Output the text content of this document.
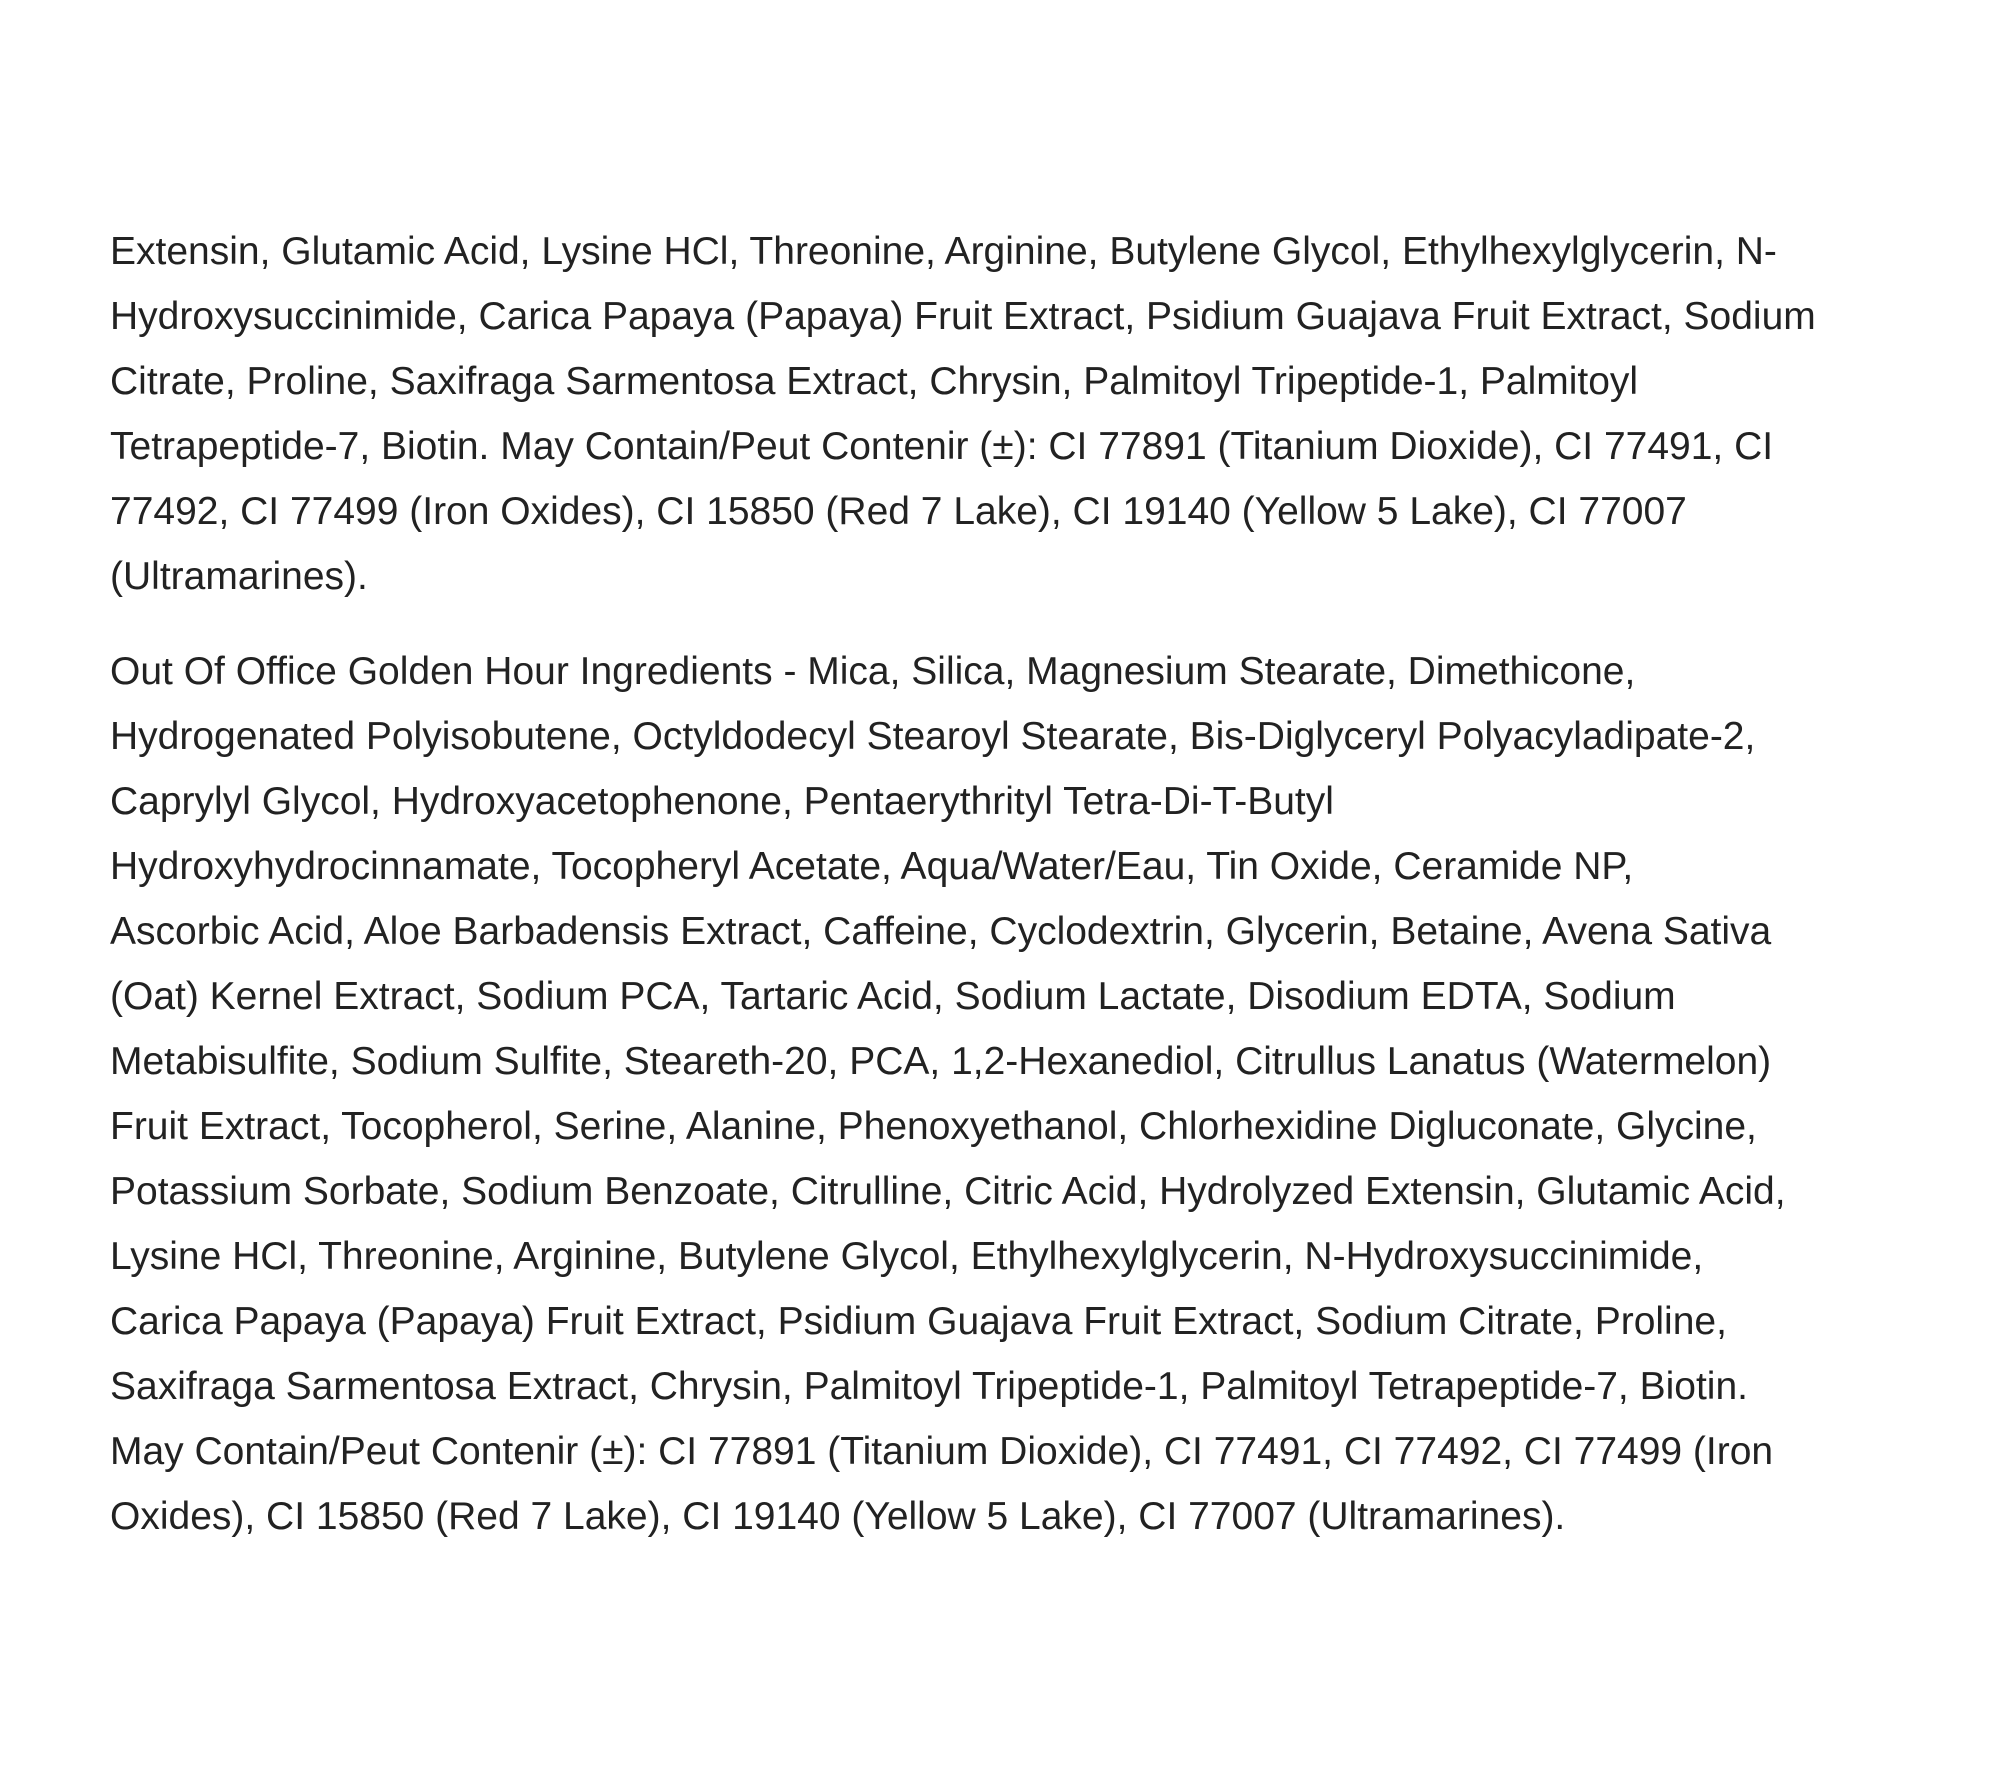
Extensin, Glutamic Acid, Lysine HCl, Threonine, Arginine, Butylene Glycol, Ethylhexylglycerin, N-
Hydroxysuccinimide, Carica Papaya (Papaya) Fruit Extract, Psidium Guajava Fruit Extract, Sodium
Citrate, Proline, Saxifraga Sarmentosa Extract, Chrysin, Palmitoyl Tripeptide-1, Palmitoyl
Tetrapeptide-7, Biotin. May Contain/Peut Contenir (±): CI 77891 (Titanium Dioxide), CI 77491, CI
77492, CI 77499 (Iron Oxides), CI 15850 (Red 7 Lake), CI 19140 (Yellow 5 Lake), CI 77007
(Ultramarines).

Out Of Office Golden Hour Ingredients - Mica, Silica, Magnesium Stearate, Dimethicone,
Hydrogenated Polyisobutene, Octyldodecyl Stearoyl Stearate, Bis-Diglyceryl Polyacyladipate-2,
Caprylyl Glycol, Hydroxyacetophenone, Pentaerythrityl Tetra-Di-T-Butyl
Hydroxyhydrocinnamate, Tocopheryl Acetate, Aqua/Water/Eau, Tin Oxide, Ceramide NP,
Ascorbic Acid, Aloe Barbadensis Extract, Caffeine, Cyclodextrin, Glycerin, Betaine, Avena Sativa
(Oat) Kernel Extract, Sodium PCA, Tartaric Acid, Sodium Lactate, Disodium EDTA, Sodium
Metabisulfite, Sodium Sulfite, Steareth-20, PCA, 1,2-Hexanediol, Citrullus Lanatus (Watermelon)
Fruit Extract, Tocopherol, Serine, Alanine, Phenoxyethanol, Chlorhexidine Digluconate, Glycine,
Potassium Sorbate, Sodium Benzoate, Citrulline, Citric Acid, Hydrolyzed Extensin, Glutamic Acid,
Lysine HCl, Threonine, Arginine, Butylene Glycol, Ethylhexylglycerin, N-Hydroxysuccinimide,
Carica Papaya (Papaya) Fruit Extract, Psidium Guajava Fruit Extract, Sodium Citrate, Proline,
Saxifraga Sarmentosa Extract, Chrysin, Palmitoyl Tripeptide-1, Palmitoyl Tetrapeptide-7, Biotin.
May Contain/Peut Contenir (±): CI 77891 (Titanium Dioxide), CI 77491, CI 77492, CI 77499 (Iron
Oxides), CI 15850 (Red 7 Lake), CI 19140 (Yellow 5 Lake), CI 77007 (Ultramarines).
